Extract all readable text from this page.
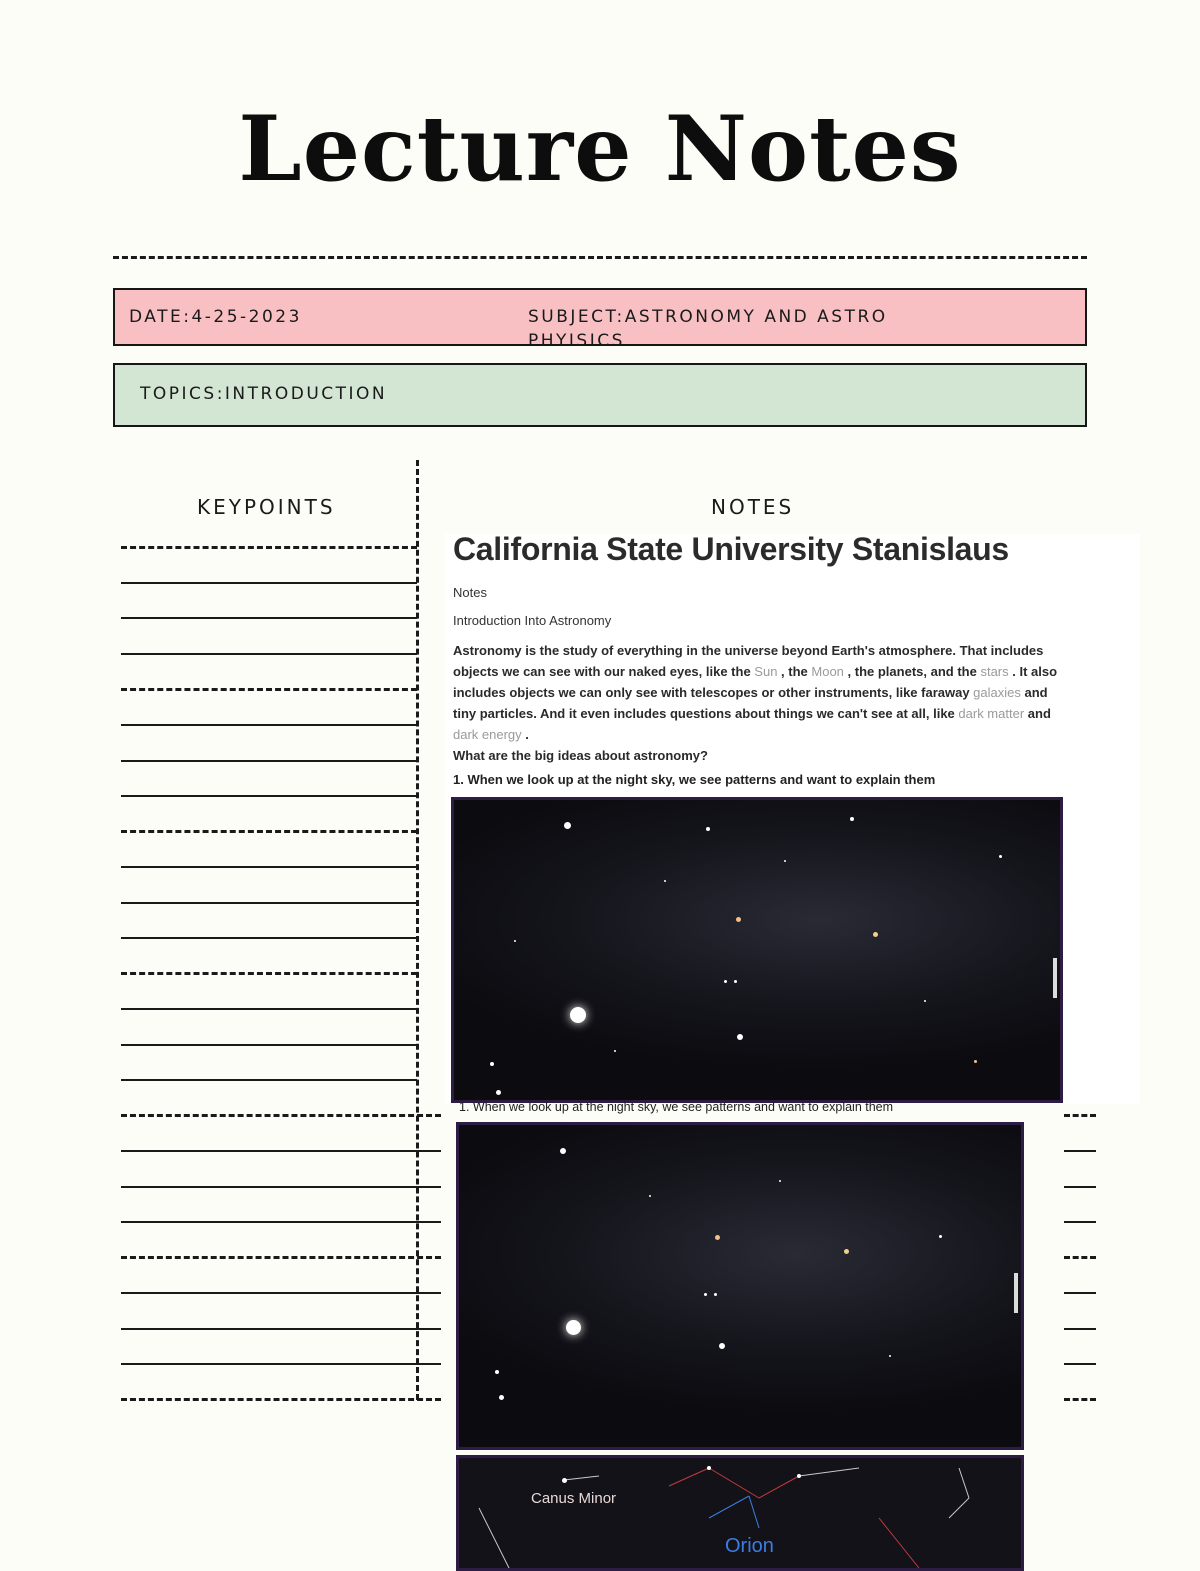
Lecture Notes
DATE:4-25-2023	SUBJECT:ASTRONOMY AND ASTRO
PHYISICS
TOPICS:INTRODUCTION
KEYPOINTS	NOTES
California State University Stanislaus
Notes
Introduction Into Astronomy
Astronomy is the study of everything in the universe beyond Earth's atmosphere. That includes objects we can see with our naked eyes, like the Sun , the Moon , the planets, and the stars . It also includes objects we can only see with telescopes or other instruments, like faraway galaxies and tiny particles. And it even includes questions about things we can't see at all, like dark matter and dark energy .
What are the big ideas about astronomy?
1. When we look up at the night sky, we see patterns and want to explain them
1. When we look up at the night sky, we see patterns and want to explain them
Canus Minor
Orion
